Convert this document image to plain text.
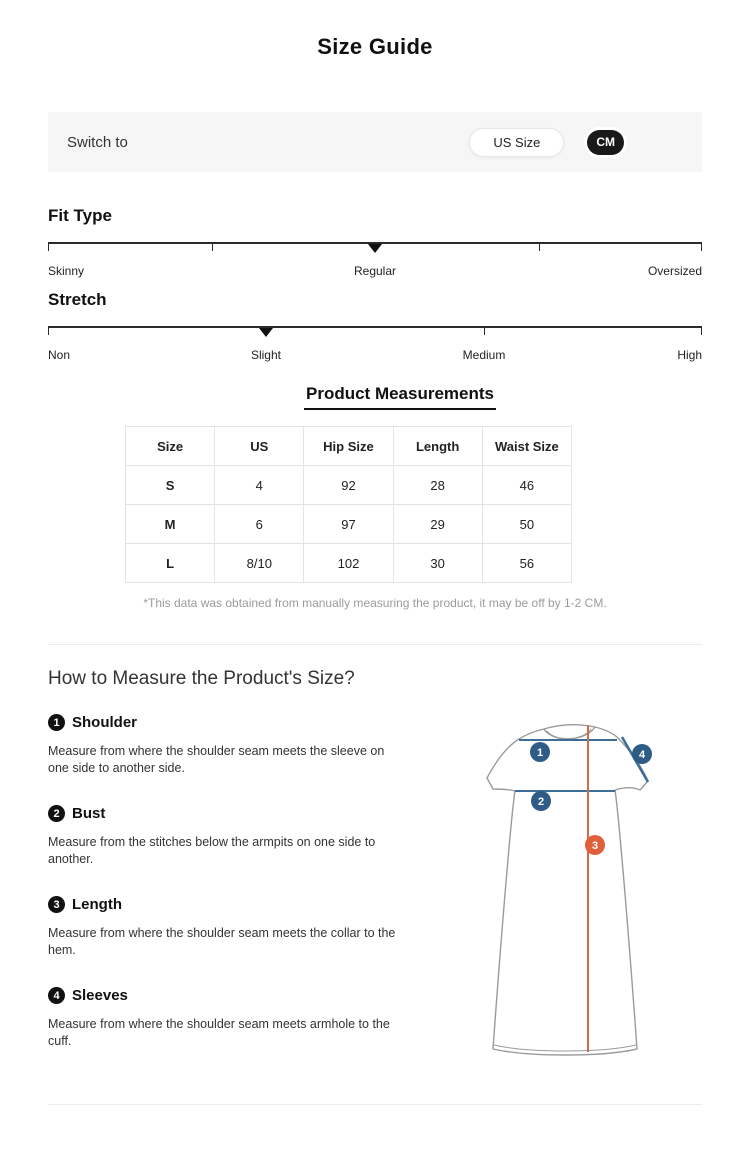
Size Guide
Switch to	US Size	CM
Fit Type
Skinny	Regular	Oversized
Stretch
Non	Slight	Medium	High
Product Measurements
Size	US	Hip Size	Length	Waist Size
S	4	92	28	46
M	6	97	29	50
L	8/10	102	30	56

*This data was obtained from manually measuring the product, it may be off by 1-2 CM.

How to Measure the Product's Size?
1 Shoulder

Measure from where the shoulder seam meets the sleeve on one side to another side.

2 Bust

Measure from the stitches below the armpits on one side to another.

3 Length

Measure from where the shoulder seam meets the collar to the hem.

4 Sleeves

Measure from where the shoulder seam meets armhole to the cuff.

1
2
3
4
